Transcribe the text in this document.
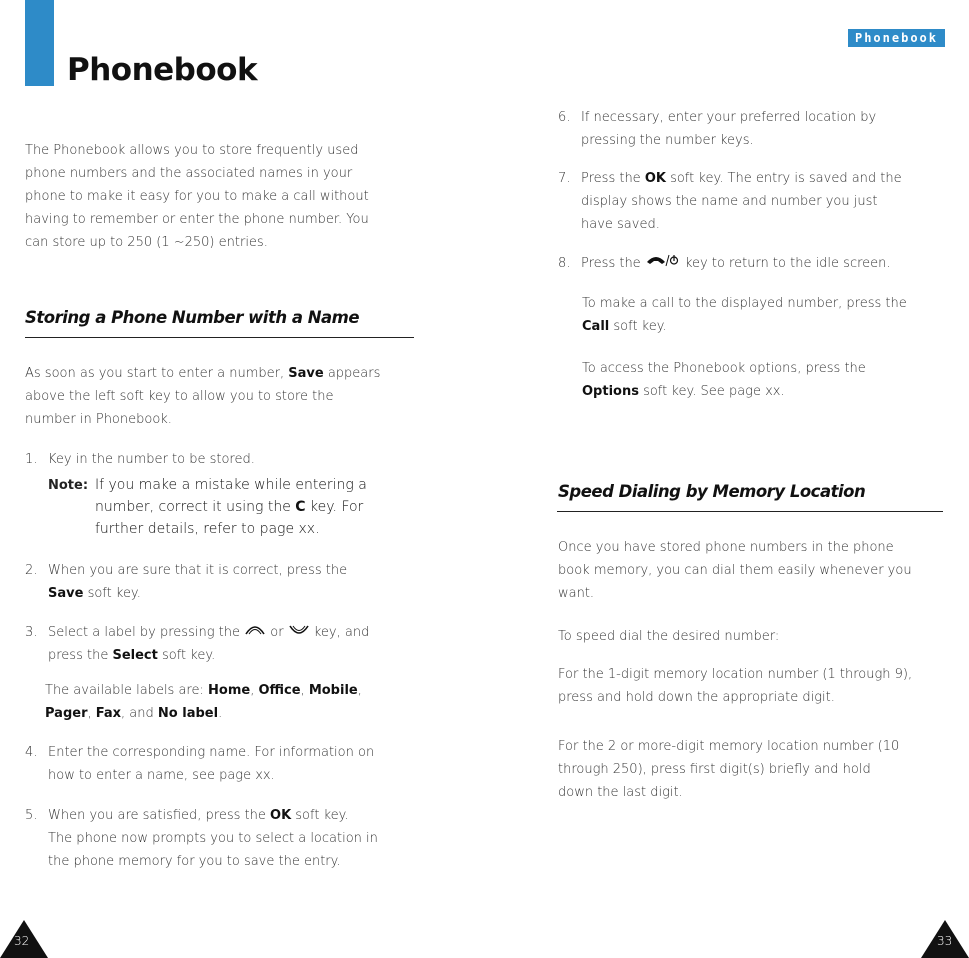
Phonebook
Phonebook
The Phonebook allows you to store frequently used
phone numbers and the associated names in your
phone to make it easy for you to make a call without
having to remember or enter the phone number. You
can store up to 250 (1 ~250) entries.
Storing a Phone Number with a Name
As soon as you start to enter a number, Save appears
above the left soft key to allow you to store the
number in Phonebook.
1. Key in the number to be stored.
Note: If you make a mistake while entering a
number, correct it using the C key. For
further details, refer to page xx.
2. When you are sure that it is correct, press the
Save soft key.
3. Select a label by pressing the or key, and
press the Select soft key.
The available labels are: Home, Office, Mobile,
Pager, Fax, and No label.
4. Enter the corresponding name. For information on
how to enter a name, see page xx.
5. When you are satisfied, press the OK soft key.
The phone now prompts you to select a location in
the phone memory for you to save the entry.
6. If necessary, enter your preferred location by
pressing the number keys.
7. Press the OK soft key. The entry is saved and the
display shows the name and number you just
have saved.
8. Press the	key to return to the idle screen.
To make a call to the displayed number, press the
Call soft key.
To access the Phonebook options, press the
Options soft key. See page xx.
Speed Dialing by Memory Location
Once you have stored phone numbers in the phone
book memory, you can dial them easily whenever you
want.
To speed dial the desired number:
For the 1-digit memory location number (1 through 9),
press and hold down the appropriate digit.
For the 2 or more-digit memory location number (10
through 250), press first digit(s) briefly and hold
down the last digit.
32	33
